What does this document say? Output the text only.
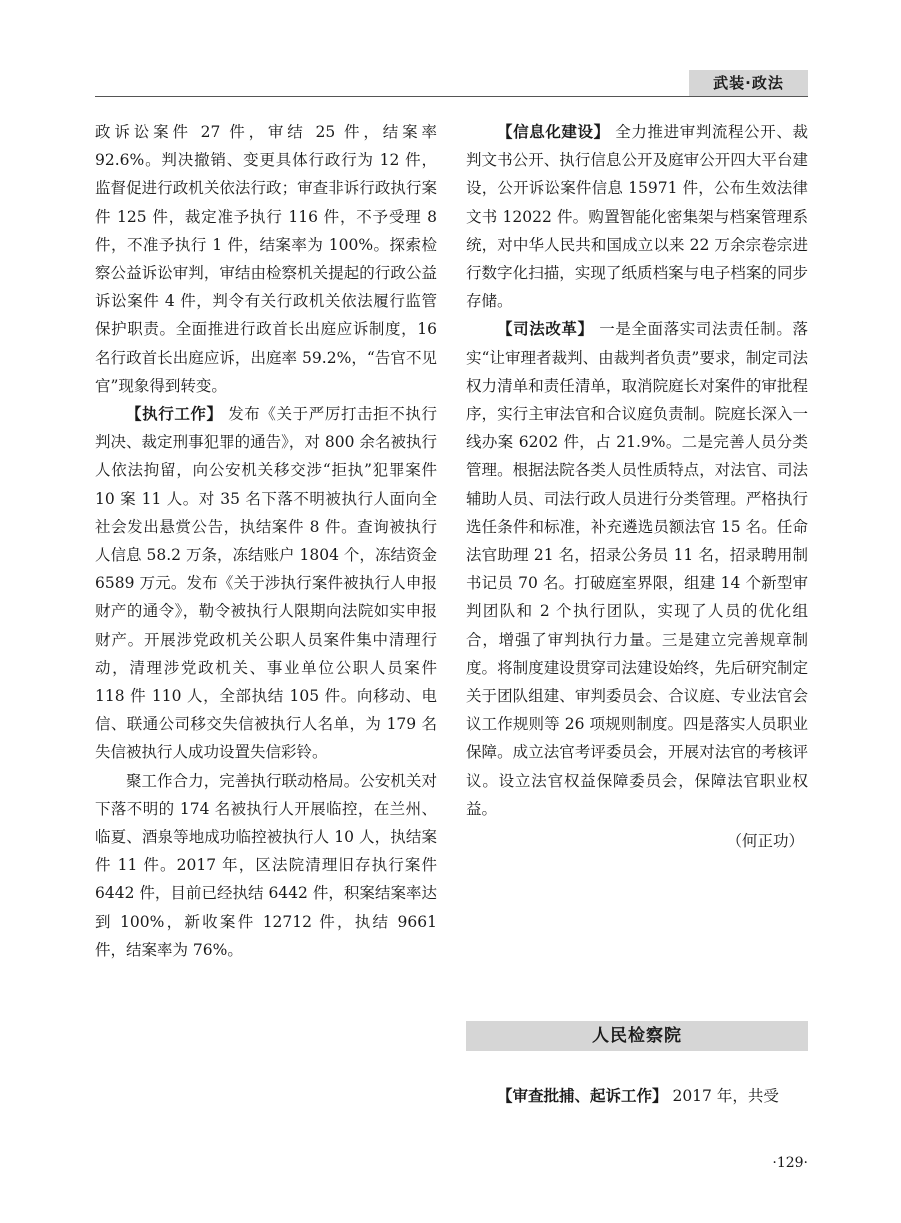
武装·政法

政诉讼案件 27 件，审结 25 件，结案率 92.6%。判决撤销、变更具体行政行为 12 件，监督促进行政机关依法行政；审查非诉行政执行案件 125 件，裁定准予执行 116 件，不予受理 8 件，不准予执行 1 件，结案率为 100%。探索检察公益诉讼审判，审结由检察机关提起的行政公益诉讼案件 4 件，判令有关行政机关依法履行监管保护职责。全面推进行政首长出庭应诉制度，16 名行政首长出庭应诉，出庭率 59.2%，“告官不见官”现象得到转变。

【执行工作】 发布《关于严厉打击拒不执行判决、裁定刑事犯罪的通告》，对 800 余名被执行人依法拘留，向公安机关移交涉“拒执”犯罪案件 10 案 11 人。对 35 名下落不明被执行人面向全社会发出悬赏公告，执结案件 8 件。查询被执行人信息 58.2 万条，冻结账户 1804 个，冻结资金 6589 万元。发布《关于涉执行案件被执行人申报财产的通令》，勒令被执行人限期向法院如实申报财产。开展涉党政机关公职人员案件集中清理行动，清理涉党政机关、事业单位公职人员案件 118 件 110 人，全部执结 105 件。向移动、电信、联通公司移交失信被执行人名单，为 179 名失信被执行人成功设置失信彩铃。

聚工作合力，完善执行联动格局。公安机关对下落不明的 174 名被执行人开展临控，在兰州、临夏、酒泉等地成功临控被执行人 10 人，执结案件 11 件。2017 年，区法院清理旧存执行案件 6442 件，目前已经执结 6442 件，积案结案率达到 100%，新收案件 12712 件，执结 9661 件，结案率为 76%。

【信息化建设】 全力推进审判流程公开、裁判文书公开、执行信息公开及庭审公开四大平台建设，公开诉讼案件信息 15971 件，公布生效法律文书 12022 件。购置智能化密集架与档案管理系统，对中华人民共和国成立以来 22 万余宗卷宗进行数字化扫描，实现了纸质档案与电子档案的同步存储。

【司法改革】 一是全面落实司法责任制。落实“让审理者裁判、由裁判者负责”要求，制定司法权力清单和责任清单，取消院庭长对案件的审批程序，实行主审法官和合议庭负责制。院庭长深入一线办案 6202 件，占 21.9%。二是完善人员分类管理。根据法院各类人员性质特点，对法官、司法辅助人员、司法行政人员进行分类管理。严格执行选任条件和标准，补充遴选员额法官 15 名。任命法官助理 21 名，招录公务员 11 名，招录聘用制书记员 70 名。打破庭室界限，组建 14 个新型审判团队和 2 个执行团队，实现了人员的优化组合，增强了审判执行力量。三是建立完善规章制度。将制度建设贯穿司法建设始终，先后研究制定关于团队组建、审判委员会、合议庭、专业法官会议工作规则等 26 项规则制度。四是落实人员职业保障。成立法官考评委员会，开展对法官的考核评议。设立法官权益保障委员会，保障法官职业权益。

（何正功）

人民检察院

【审查批捕、起诉工作】 2017 年，共受

·129·
